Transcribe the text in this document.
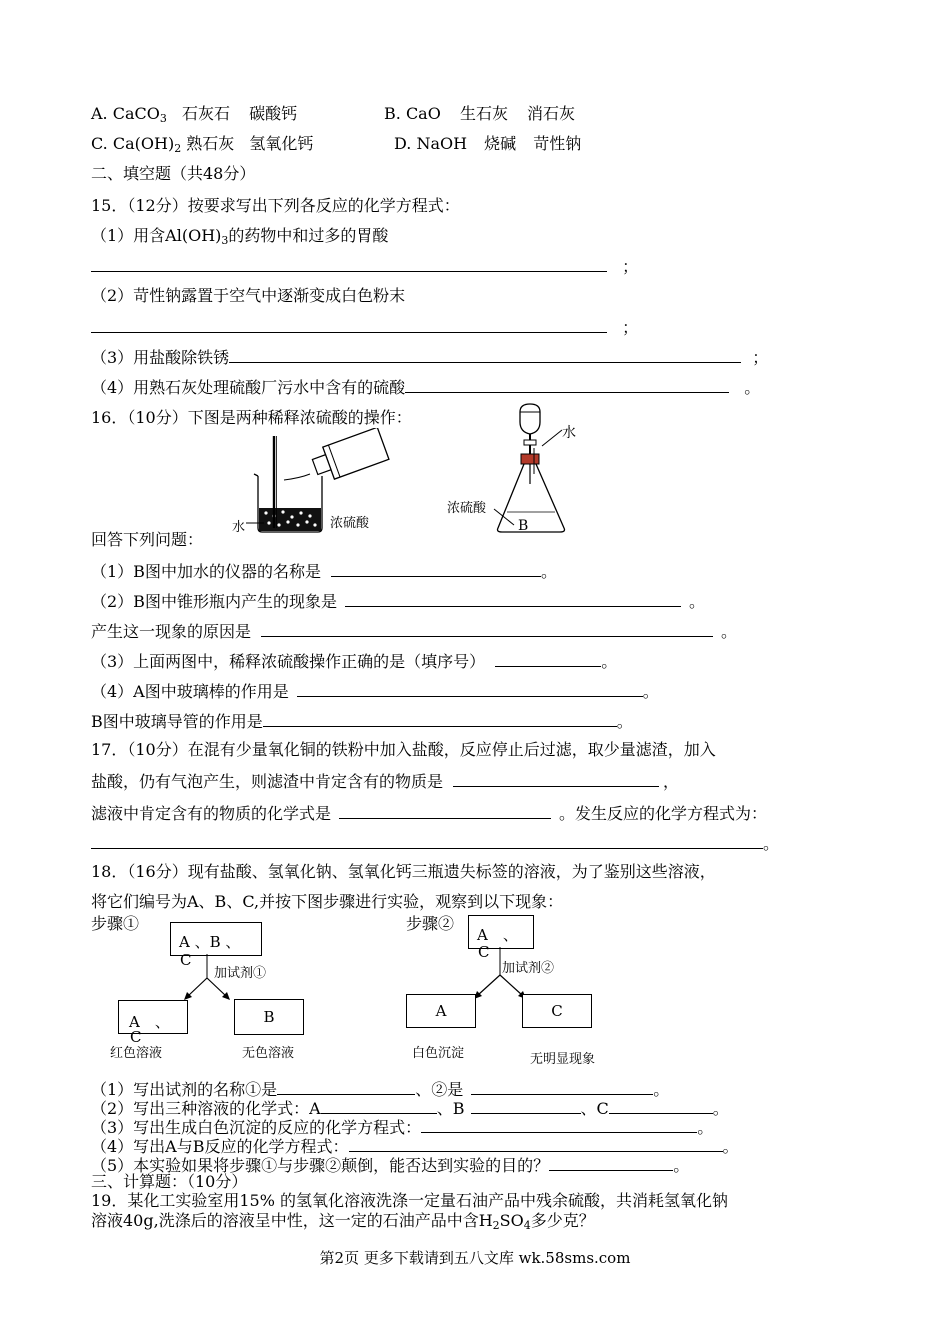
A. CaCO$_3$ 石灰石 碳酸钙	B. CaO 生石灰 消石灰
C. $Ca(OH)_2$ 熟石灰 氢氧化钙	D. NaOH 烧碱 苛性钠
二、填空题（共48分）
15．（12分）按要求写出下列各反应的化学方程式：
（1）用含$Al(OH)_3$的药物中和过多的胃酸
；
（2）苛性钠露置于空气中逐渐变成白色粉末
；
（3）用盐酸除铁锈	；
（4）用熟石灰处理硫酸厂污水中含有的硫酸	。
16．（10分）下图是两种稀释浓硫酸的操作：
水	浓硫酸
水
浓硫酸
B
回答下列问题：
（1）B图中加水的仪器的名称是	。
（2）B图中锥形瓶内产生的现象是	。
产生这一现象的原因是	。
（3）上面两图中，稀释浓硫酸操作正确的是（填序号）	。
（4）A图中玻璃棒的作用是	。
B图中玻璃导管的作用是	。
17．（10分）在混有少量氧化铜的铁粉中加入盐酸，反应停止后过滤，取少量滤渣，加入
盐酸，仍有气泡产生，则滤渣中肯定含有的物质是	，
滤液中肯定含有的物质的化学式是	。发生反应的化学方程式为：
。
18．（16分）现有盐酸、氢氧化钠、氢氧化钙三瓶遗失标签的溶液，为了鉴别这些溶液，
将它们编号为A、B、C,并按下图步骤进行实验，观察到以下现象：
步骤①
A 、B 、
C
加试剂①
A　、
C
B
红色溶液	无色溶液
步骤②
A　、
C
加试剂②
A	C
白色沉淀	无明显现象
（1）写出试剂的名称①是	、②是	。
（2）写出三种溶液的化学式：A	、B	、C	。
（3）写出生成白色沉淀的反应的化学方程式：	。
（4）写出A与B反应的化学方程式：	。
（5）本实验如果将步骤①与步骤②颠倒，能否达到实验的目的？	。
三、计算题：（10分）
19．某化工实验室用15% 的氢氧化溶液洗涤一定量石油产品中残余硫酸，共消耗氢氧化钠
溶液40g,洗涤后的溶液呈中性，这一定的石油产品中含$H_2SO_4$多少克？
第2页 更多下载请到五八文库 wk.58sms.com
